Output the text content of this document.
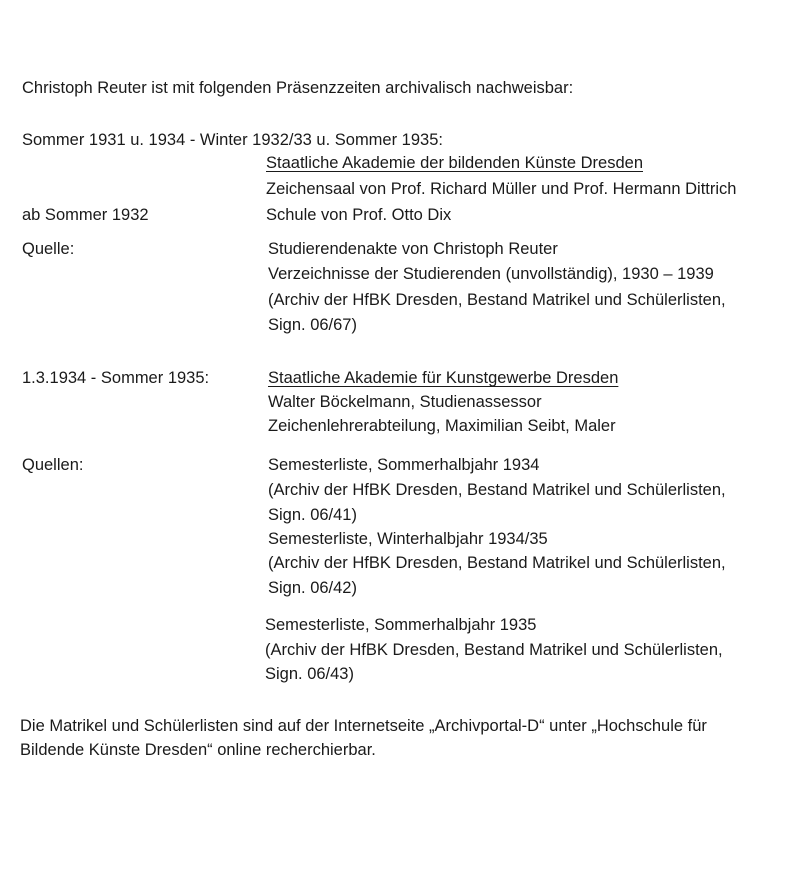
Christoph Reuter ist mit folgenden Präsenzzeiten archivalisch nachweisbar:
Sommer 1931 u. 1934 - Winter 1932/33 u. Sommer 1935:
Staatliche Akademie der bildenden Künste Dresden
Zeichensaal von Prof. Richard Müller und Prof. Hermann Dittrich
ab Sommer 1932	Schule von Prof. Otto Dix
Quelle:	Studierendenakte von Christoph Reuter
Verzeichnisse der Studierenden (unvollständig), 1930 – 1939
(Archiv der HfBK Dresden, Bestand Matrikel und Schülerlisten,
Sign. 06/67)
1.3.1934 - Sommer 1935:	Staatliche Akademie für Kunstgewerbe Dresden
Walter Böckelmann, Studienassessor
Zeichenlehrerabteilung, Maximilian Seibt, Maler
Quellen:	Semesterliste, Sommerhalbjahr 1934
(Archiv der HfBK Dresden, Bestand Matrikel und Schülerlisten,
Sign. 06/41)
Semesterliste, Winterhalbjahr 1934/35
(Archiv der HfBK Dresden, Bestand Matrikel und Schülerlisten,
Sign. 06/42)
Semesterliste, Sommerhalbjahr 1935
(Archiv der HfBK Dresden, Bestand Matrikel und Schülerlisten,
Sign. 06/43)
Die Matrikel und Schülerlisten sind auf der Internetseite „Archivportal-D“ unter „Hochschule für
Bildende Künste Dresden“ online recherchierbar.
